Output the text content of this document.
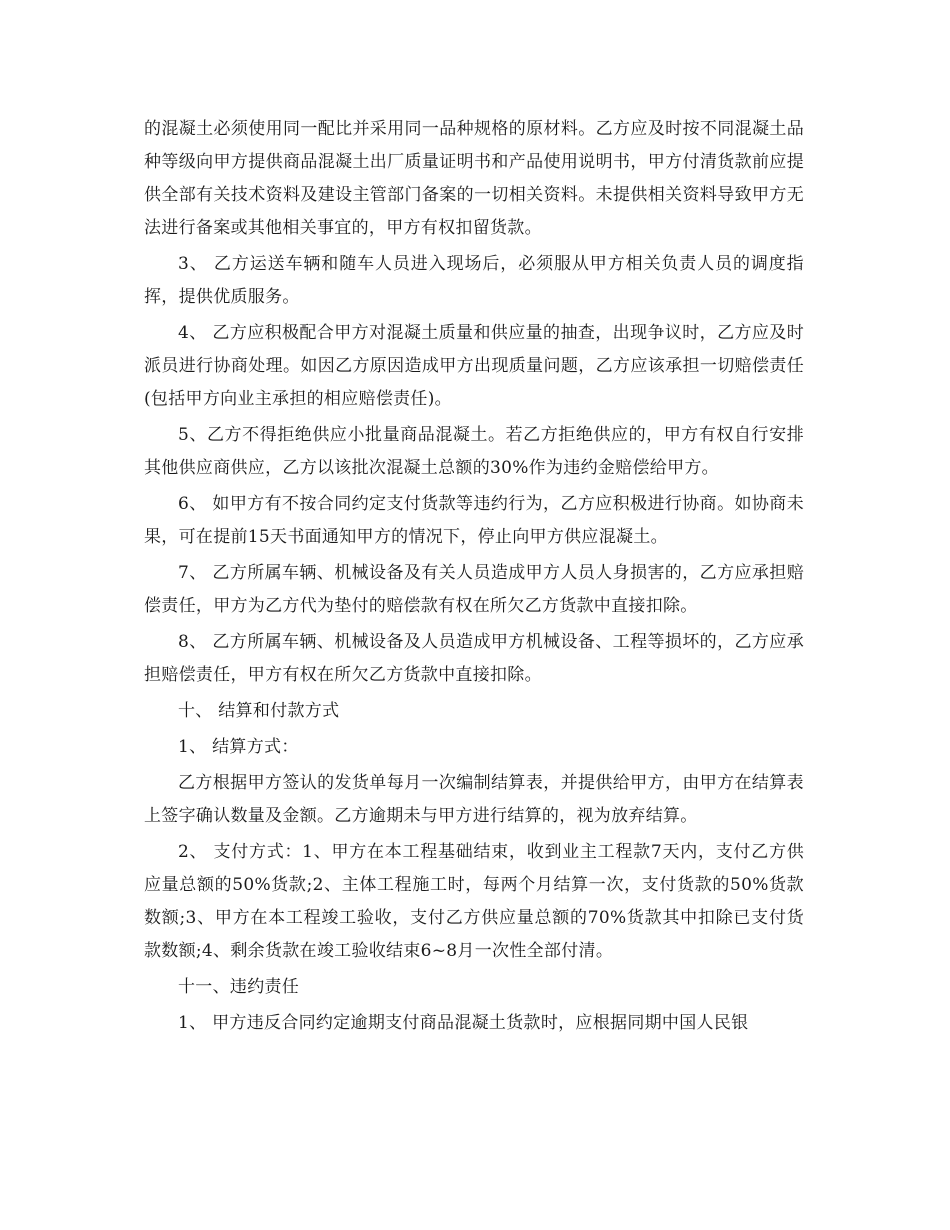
的混凝土必须使用同一配比并采用同一品种规格的原材料。乙方应及时按不同混凝土品种等级向甲方提供商品混凝土出厂质量证明书和产品使用说明书，甲方付清货款前应提供全部有关技术资料及建设主管部门备案的一切相关资料。未提供相关资料导致甲方无法进行备案或其他相关事宜的，甲方有权扣留货款。

3、 乙方运送车辆和随车人员进入现场后，必须服从甲方相关负责人员的调度指挥，提供优质服务。

4、 乙方应积极配合甲方对混凝土质量和供应量的抽查，出现争议时，乙方应及时派员进行协商处理。如因乙方原因造成甲方出现质量问题，乙方应该承担一切赔偿责任(包括甲方向业主承担的相应赔偿责任)。

5、乙方不得拒绝供应小批量商品混凝土。若乙方拒绝供应的，甲方有权自行安排其他供应商供应，乙方以该批次混凝土总额的30%作为违约金赔偿给甲方。

6、 如甲方有不按合同约定支付货款等违约行为，乙方应积极进行协商。如协商未果，可在提前15天书面通知甲方的情况下，停止向甲方供应混凝土。

7、 乙方所属车辆、机械设备及有关人员造成甲方人员人身损害的，乙方应承担赔偿责任，甲方为乙方代为垫付的赔偿款有权在所欠乙方货款中直接扣除。

8、 乙方所属车辆、机械设备及人员造成甲方机械设备、工程等损坏的，乙方应承担赔偿责任，甲方有权在所欠乙方货款中直接扣除。

十、 结算和付款方式

1、 结算方式：

乙方根据甲方签认的发货单每月一次编制结算表，并提供给甲方，由甲方在结算表上签字确认数量及金额。乙方逾期未与甲方进行结算的，视为放弃结算。

2、 支付方式：1、甲方在本工程基础结束，收到业主工程款7天内，支付乙方供应量总额的50%货款;2、主体工程施工时，每两个月结算一次，支付货款的50%货款数额;3、甲方在本工程竣工验收，支付乙方供应量总额的70%货款其中扣除已支付货款数额;4、剩余货款在竣工验收结束6~8月一次性全部付清。

十一、违约责任

1、 甲方违反合同约定逾期支付商品混凝土货款时，应根据同期中国人民银
